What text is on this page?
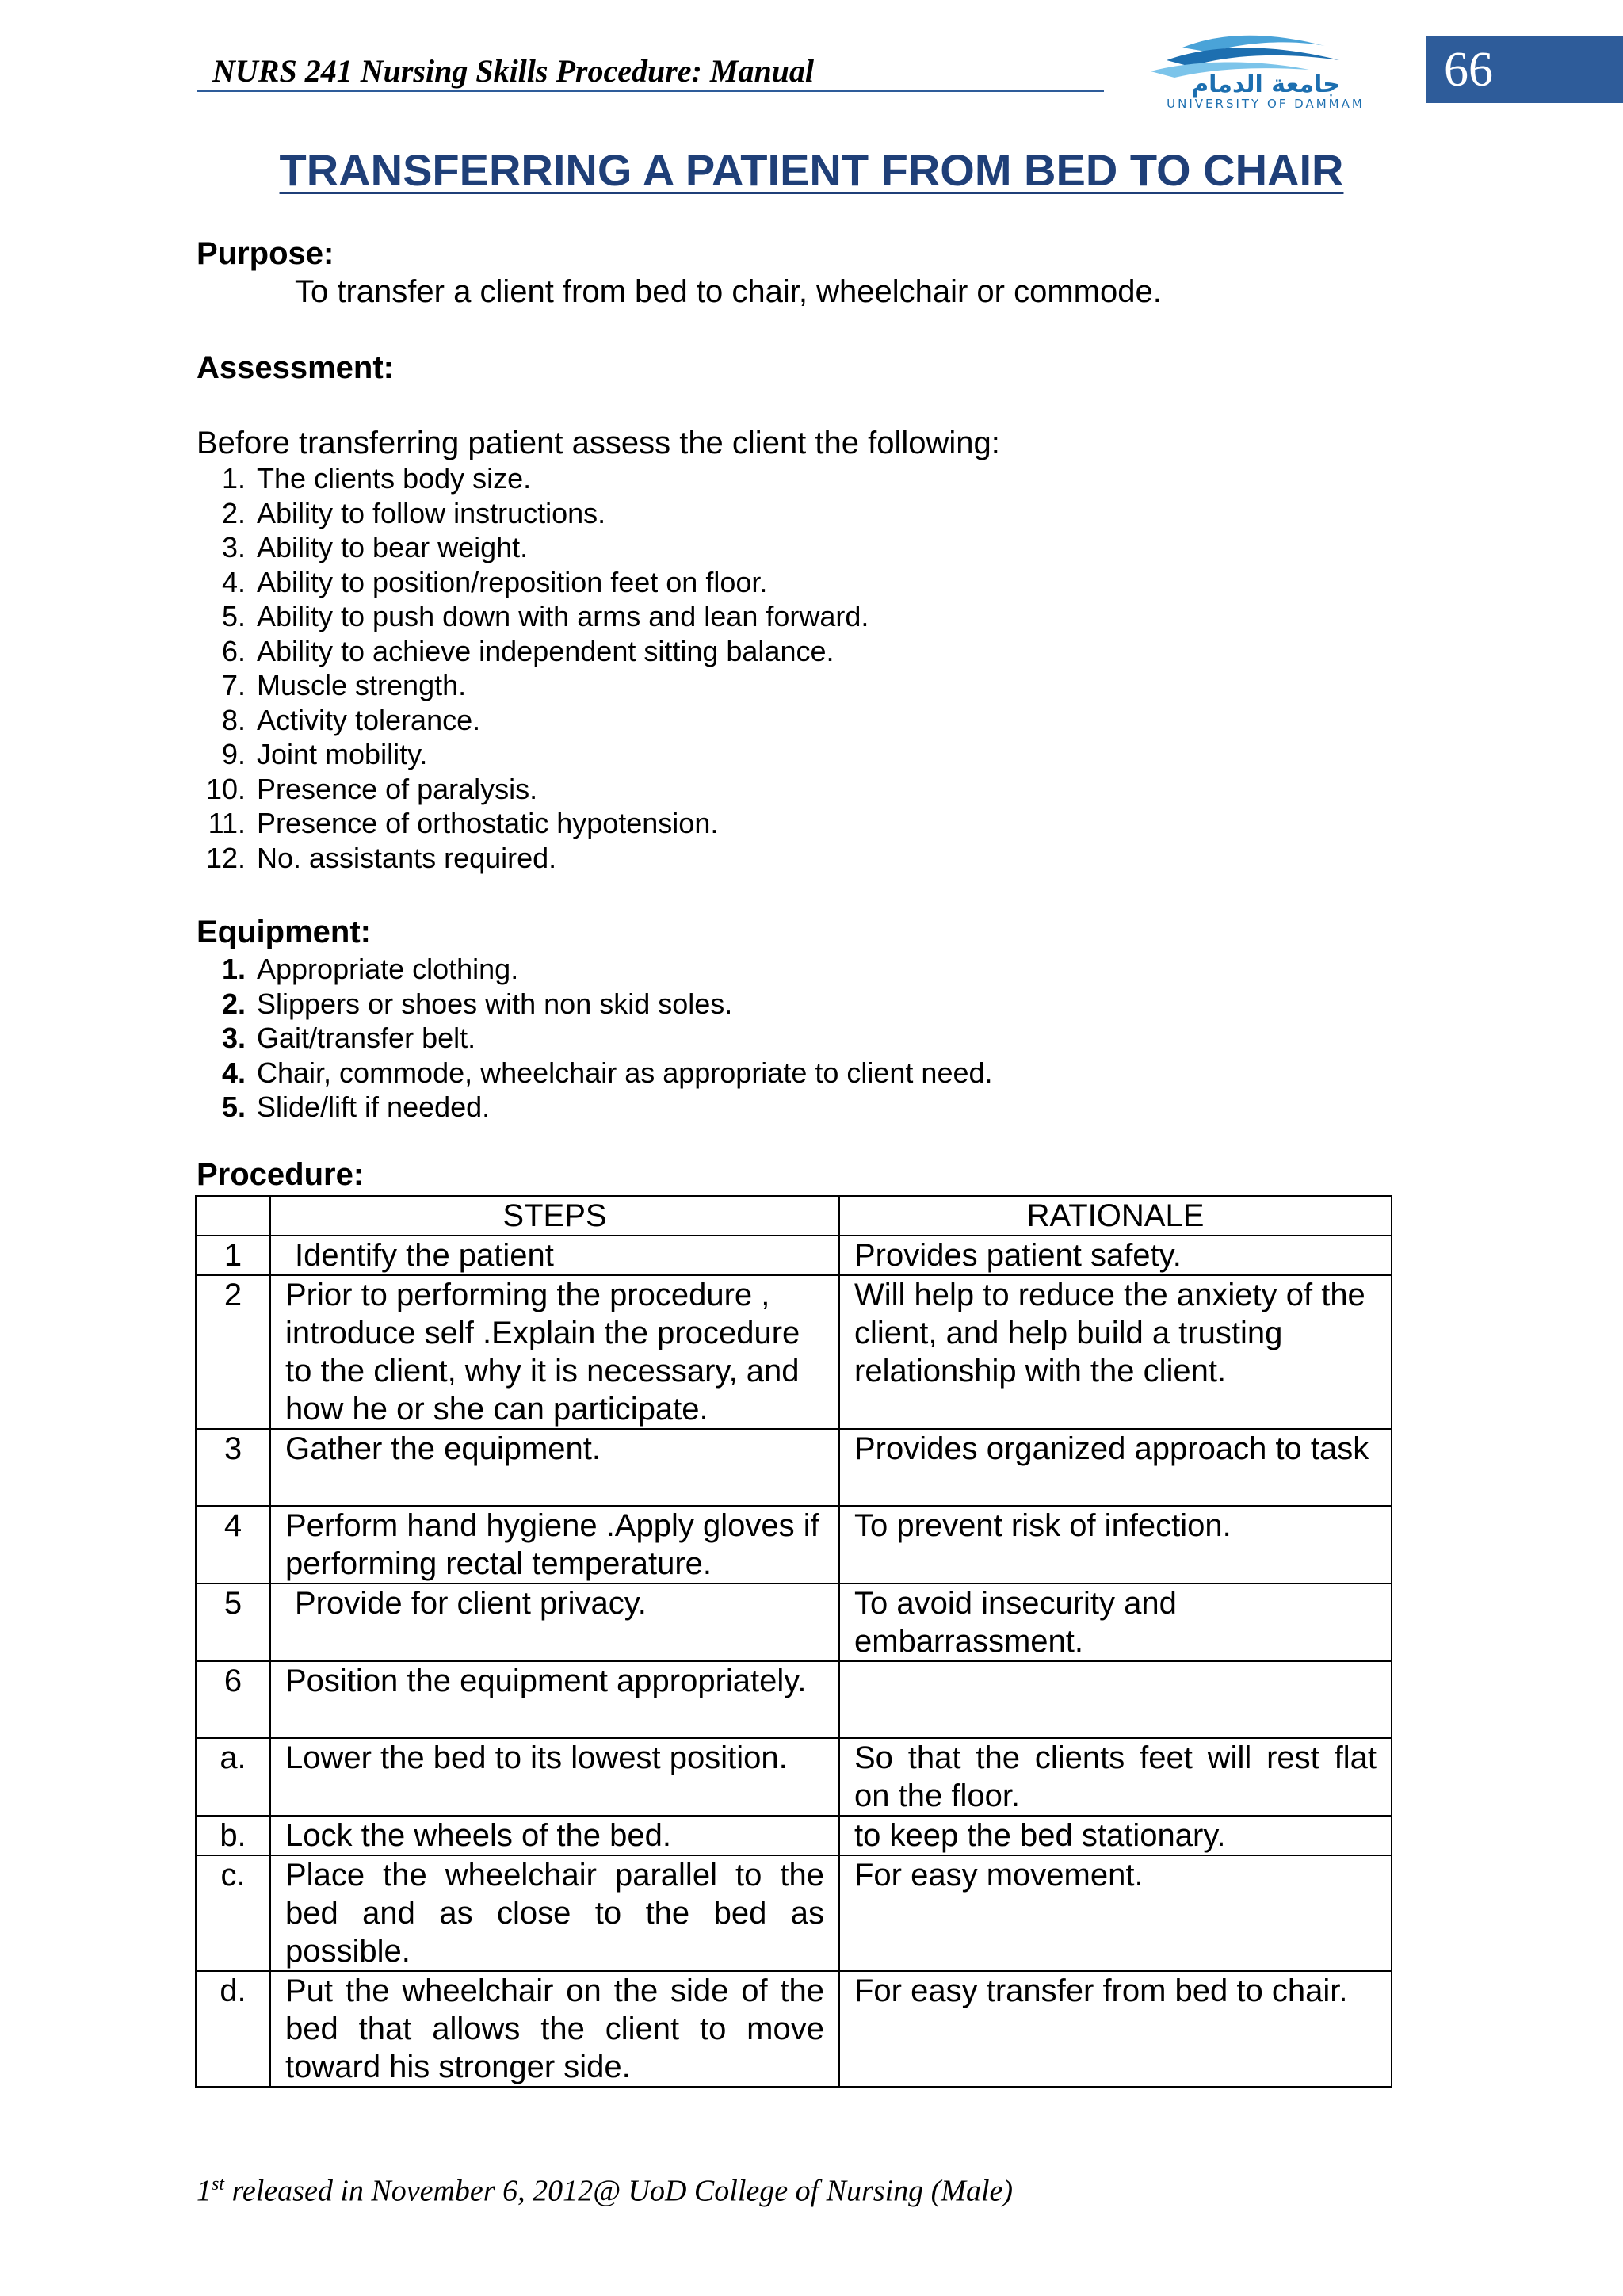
NURS 241 Nursing Skills Procedure: Manual	جامعة الدمام
UNIVERSITY OF DAMMAM
66
TRANSFERRING A PATIENT FROM BED TO CHAIR
Purpose:
To transfer a client from bed to chair, wheelchair or commode.
Assessment:
Before transferring patient assess the client the following:
1. The clients body size.
2. Ability to follow instructions.
3. Ability to bear weight.
4. Ability to position/reposition feet on floor.
5. Ability to push down with arms and lean forward.
6. Ability to achieve independent sitting balance.
7. Muscle strength.
8. Activity tolerance.
9. Joint mobility.
10. Presence of paralysis.
11. Presence of orthostatic hypotension.
12. No. assistants required.
Equipment:
1. Appropriate clothing.
2. Slippers or shoes with non skid soles.
3. Gait/transfer belt.
4. Chair, commode, wheelchair as appropriate to client need.
5. Slide/lift if needed.
Procedure:
	STEPS	RATIONALE
1	Identify the patient	Provides patient safety.
2	Prior to performing the procedure , introduce self .Explain the procedure to the client, why it is necessary, and how he or she can participate.	Will help to reduce the anxiety of the client, and help build a trusting relationship with the client.
3	Gather the equipment.	Provides organized approach to task
4	Perform hand hygiene .Apply gloves if performing rectal temperature.	To prevent risk of infection.
5	Provide for client privacy.	To avoid insecurity and embarrassment.
6	Position the equipment appropriately.	
a.	Lower the bed to its lowest position.	So that the clients feet will rest flat on the floor.
b.	Lock the wheels of the bed.	to keep the bed stationary.
c.	Place the wheelchair parallel to the bed and as close to the bed as possible.	For easy movement.
d.	Put the wheelchair on the side of the bed that allows the client to move toward his stronger side.	For easy transfer from bed to chair.
1st released in November 6, 2012@ UoD College of Nursing (Male)
